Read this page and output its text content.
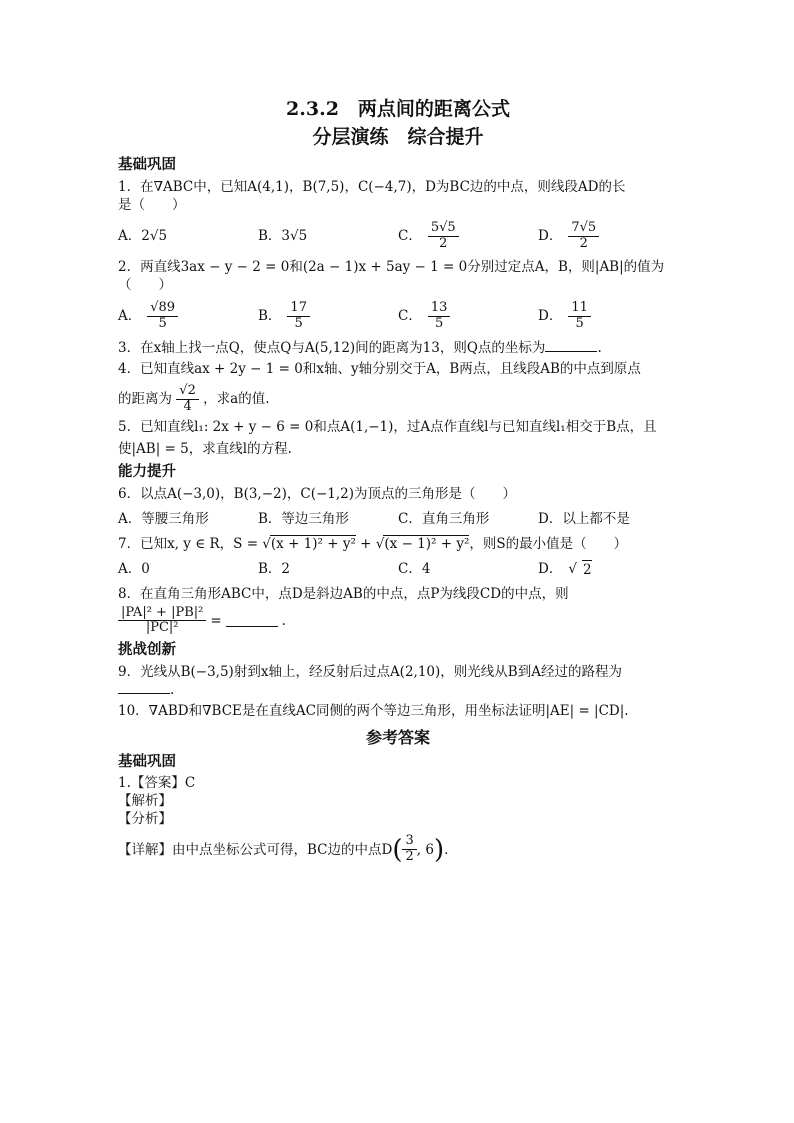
2.3.2　两点间的距离公式

分层演练　综合提升

基础巩固
1．在∇ABC中，已知A(4,1)，B(7,5)，C(−4,7)，D为BC边的中点，则线段AD的长
是（　　）
A．2√5	B．3√5	C． $\frac{5√5}{2}$	D． $\frac{7√5}{2}$
2．两直线3ax − y − 2 = 0和(2a − 1)x + 5ay − 1 = 0分别过定点A，B，则|AB|的值为
（　　）
A． $\frac{√89}{5}$	B． $\frac{17}{5}$	C． $\frac{13}{5}$	D． $\frac{11}{5}$
3．在x轴上找一点Q，使点Q与A(5,12)间的距离为13，则Q点的坐标为	.
4．已知直线ax + 2y − 1 = 0和x轴、y轴分别交于A，B两点，且线段AB的中点到原点
的距离为 $\frac{√2}{4}$ ，求a的值.
5．已知直线l₁: 2x + y − 6 = 0和点A(1,−1)，过A点作直线l与已知直线l₁相交于B点，且
使|AB| = 5，求直线l的方程.
能力提升
6．以点A(−3,0)，B(3,−2)，C(−1,2)为顶点的三角形是（　　）
A．等腰三角形	B．等边三角形	C．直角三角形	D．以上都不是
7．已知x, y ∈ R，S = √(x + 1)² + y² + √(x − 1)² + y²，则S的最小值是（　　）
A．0	B．2	C．4	D． √ 2
8．在直角三角形ABC中，点D是斜边AB的中点，点P为线段CD的中点，则
$\frac{\text{|PA|² + |PB|²}}{\text{|PC|²}}$ =	.
挑战创新
9．光线从B(−3,5)射到x轴上，经反射后过点A(2,10)，则光线从B到A经过的路程为
.
10．∇ABD和∇BCE是在直线AC同侧的两个等边三角形，用坐标法证明|AE| = |CD|.
参考答案
基础巩固
1.【答案】C
【解析】
【分析】
【详解】由中点坐标公式可得，BC边的中点D ( $\frac{3}{2}$ , 6 ) .
